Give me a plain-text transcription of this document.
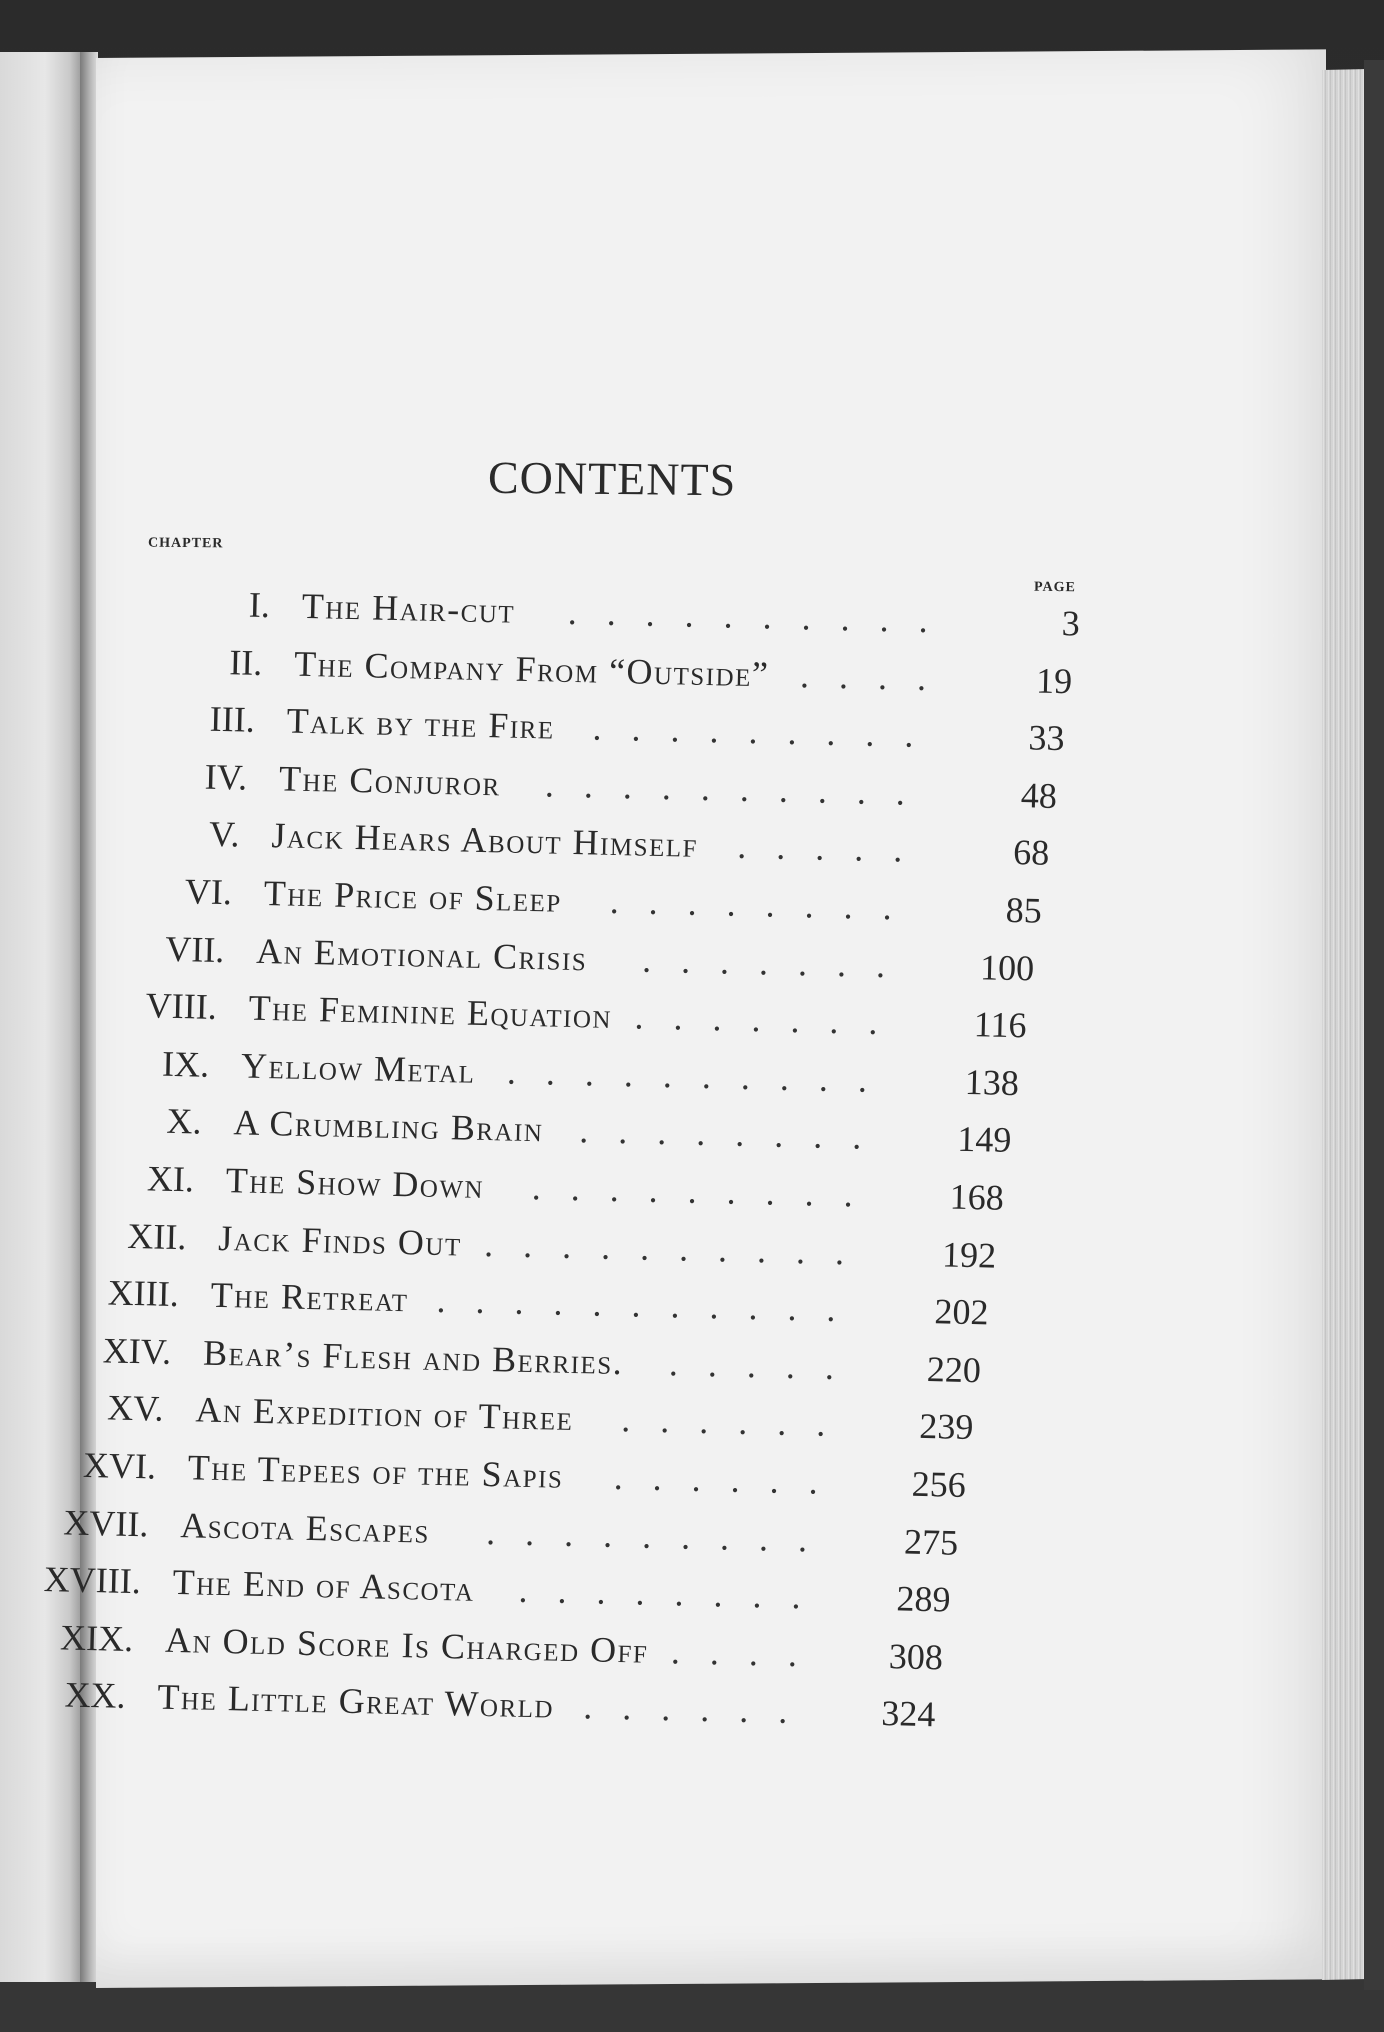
CONTENTS
CHAPTER
PAGE
I. The Hair-cut	3
..........
II. The Company From “Outside”	19
....
III. Talk by the Fire	33
.........
IV. The Conjuror	48
..........
V. Jack Hears About Himself	68
.....
VI. The Price of Sleep	85
........
VII. An Emotional Crisis	100
.......
VIII. The Feminine Equation	116
.......
IX. Yellow Metal	138
..........
X. A Crumbling Brain	149
........
XI. The Show Down	168
.........
XII. Jack Finds Out	192
..........
XIII. The Retreat	202
...........
XIV. Bear’s Flesh and Berries.	220
.....
XV. An Expedition of Three	239
......
XVI. The Tepees of the Sapis	256
......
XVII. Ascota Escapes	275
.........
XVIII. The End of Ascota	289
........
XIX. An Old Score Is Charged Off	308
....
XX. The Little Great World	324
......
